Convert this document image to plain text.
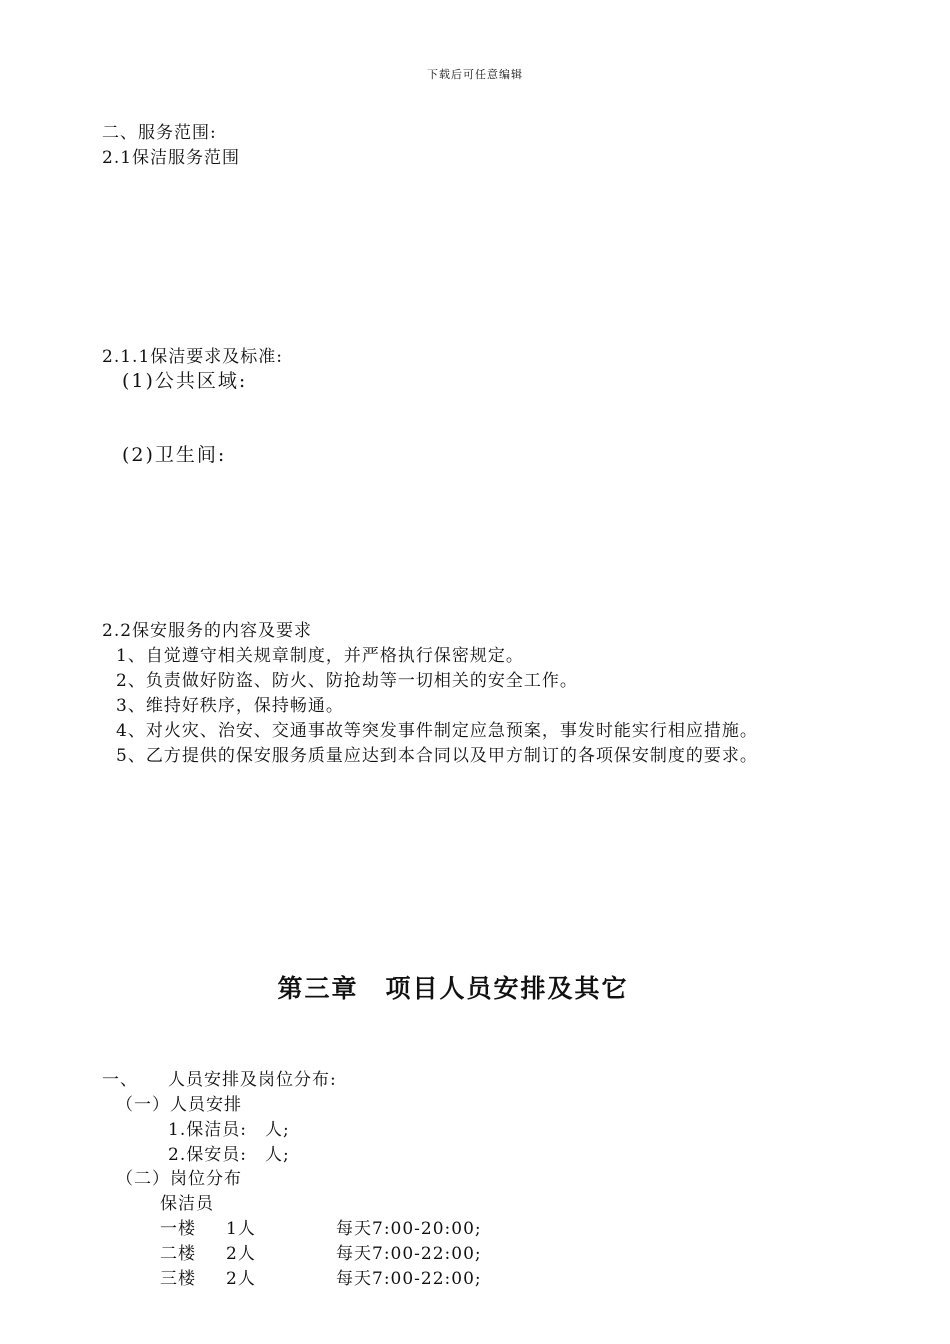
下载后可任意编辑
二、服务范围:
2.1保洁服务范围
2.1.1保洁要求及标准:
(1)公共区域:
(2)卫生间:
2.2保安服务的内容及要求
1、自觉遵守相关规章制度，并严格执行保密规定。
2、负责做好防盗、防火、防抢劫等一切相关的安全工作。
3、维持好秩序，保持畅通。
4、对火灾、治安、交通事故等突发事件制定应急预案，事发时能实行相应措施。
5、乙方提供的保安服务质量应达到本合同以及甲方制订的各项保安制度的要求。
第三章　项目人员安排及其它
一、 人员安排及岗位分布:
（一）人员安排
1.保洁员:　人;
2.保安员:　人;
（二）岗位分布
保洁员
一楼 1人	每天7:00-20:00;
二楼 2人	每天7:00-22:00;
三楼 2人	每天7:00-22:00;
